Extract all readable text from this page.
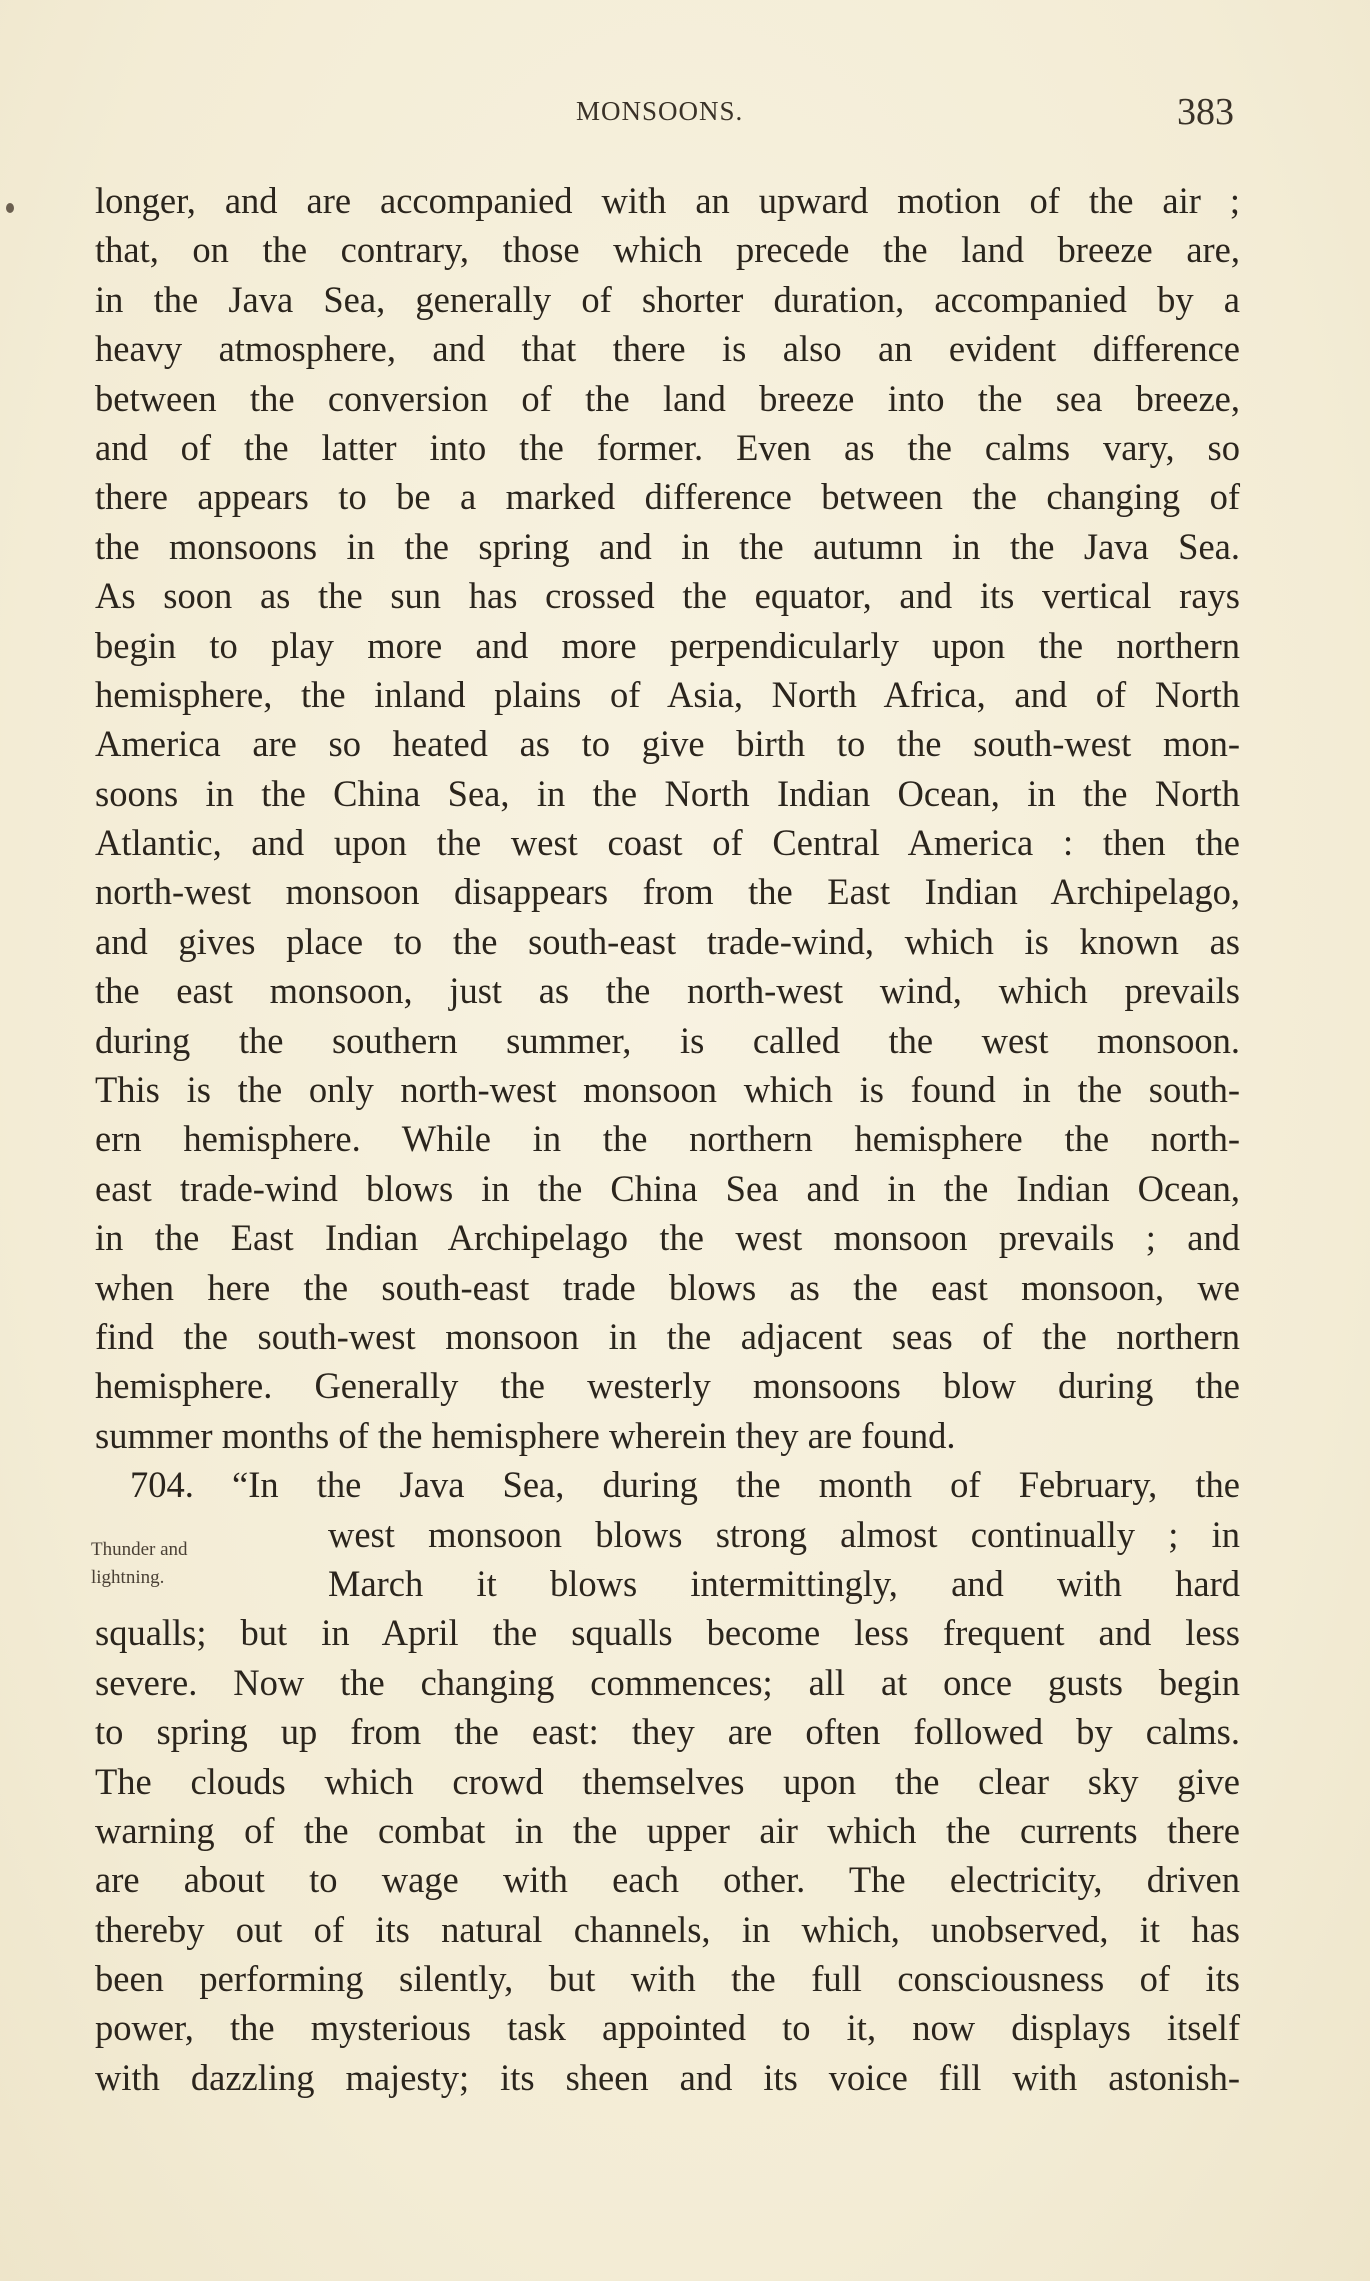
MONSOONS.	383
Thunder and
lightning.
longer, and are accompanied with an upward motion of the air ;
that, on the contrary, those which precede the land breeze are,
in the Java Sea, generally of shorter duration, accompanied by a
heavy atmosphere, and that there is also an evident difference
between the conversion of the land breeze into the sea breeze,
and of the latter into the former. Even as the calms vary, so
there appears to be a marked difference between the changing of
the monsoons in the spring and in the autumn in the Java Sea.
As soon as the sun has crossed the equator, and its vertical rays
begin to play more and more perpendicularly upon the northern
hemisphere, the inland plains of Asia, North Africa, and of North
America are so heated as to give birth to the south-west mon-
soons in the China Sea, in the North Indian Ocean, in the North
Atlantic, and upon the west coast of Central America : then the
north-west monsoon disappears from the East Indian Archipelago,
and gives place to the south-east trade-wind, which is known as
the east monsoon, just as the north-west wind, which prevails
during the southern summer, is called the west monsoon.
This is the only north-west monsoon which is found in the south-
ern hemisphere. While in the northern hemisphere the north-
east trade-wind blows in the China Sea and in the Indian Ocean,
in the East Indian Archipelago the west monsoon prevails ; and
when here the south-east trade blows as the east monsoon, we
find the south-west monsoon in the adjacent seas of the northern
hemisphere. Generally the westerly monsoons blow during the
summer months of the hemisphere wherein they are found.
704. “In the Java Sea, during the month of February, the
west monsoon blows strong almost continually ; in
March it blows intermittingly, and with hard
squalls; but in April the squalls become less frequent and less
severe. Now the changing commences; all at once gusts begin
to spring up from the east: they are often followed by calms.
The clouds which crowd themselves upon the clear sky give
warning of the combat in the upper air which the currents there
are about to wage with each other. The electricity, driven
thereby out of its natural channels, in which, unobserved, it has
been performing silently, but with the full consciousness of its
power, the mysterious task appointed to it, now displays itself
with dazzling majesty; its sheen and its voice fill with astonish-
